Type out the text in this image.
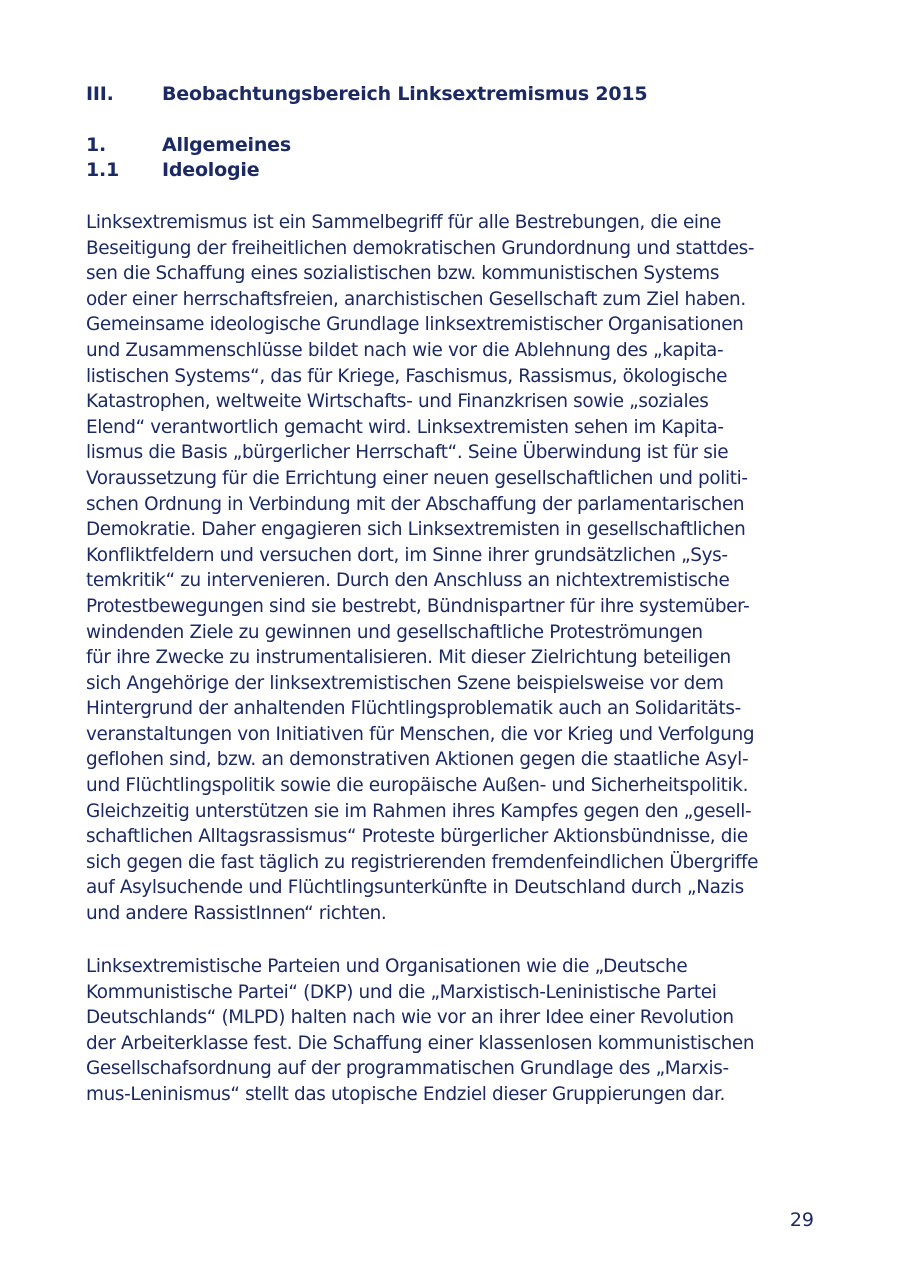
III.	Beobachtungsbereich Linksextremismus 2015
1.	Allgemeines
1.1	Ideologie

Linksextremismus ist ein Sammelbegriff für alle Bestrebungen, die eine
Beseitigung der freiheitlichen demokratischen Grundordnung und stattdes-
sen die Schaffung eines sozialistischen bzw. kommunistischen Systems
oder einer herrschaftsfreien, anarchistischen Gesellschaft zum Ziel haben.
Gemeinsame ideologische Grundlage linksextremistischer Organisationen
und Zusammenschlüsse bildet nach wie vor die Ablehnung des „kapita-
listischen Systems“, das für Kriege, Faschismus, Rassismus, ökologische
Katastrophen, weltweite Wirtschafts- und Finanzkrisen sowie „soziales
Elend“ verantwortlich gemacht wird. Linksextremisten sehen im Kapita-
lismus die Basis „bürgerlicher Herrschaft“. Seine Überwindung ist für sie
Voraussetzung für die Errichtung einer neuen gesellschaftlichen und politi-
schen Ordnung in Verbindung mit der Abschaffung der parlamentarischen
Demokratie. Daher engagieren sich Linksextremisten in gesellschaftlichen
Konfliktfeldern und versuchen dort, im Sinne ihrer grundsätzlichen „Sys-
temkritik“ zu intervenieren. Durch den Anschluss an nichtextremistische
Protestbewegungen sind sie bestrebt, Bündnispartner für ihre systemüber-
windenden Ziele zu gewinnen und gesellschaftliche Proteströmungen
für ihre Zwecke zu instrumentalisieren. Mit dieser Zielrichtung beteiligen
sich Angehörige der linksextremistischen Szene beispielsweise vor dem
Hintergrund der anhaltenden Flüchtlingsproblematik auch an Solidaritäts-
veranstaltungen von Initiativen für Menschen, die vor Krieg und Verfolgung
geflohen sind, bzw. an demonstrativen Aktionen gegen die staatliche Asyl-
und Flüchtlingspolitik sowie die europäische Außen- und Sicherheitspolitik.
Gleichzeitig unterstützen sie im Rahmen ihres Kampfes gegen den „gesell-
schaftlichen Alltagsrassismus“ Proteste bürgerlicher Aktionsbündnisse, die
sich gegen die fast täglich zu registrierenden fremdenfeindlichen Übergriffe
auf Asylsuchende und Flüchtlingsunterkünfte in Deutschland durch „Nazis
und andere RassistInnen“ richten.

Linksextremistische Parteien und Organisationen wie die „Deutsche
Kommunistische Partei“ (DKP) und die „Marxistisch-Leninistische Partei
Deutschlands“ (MLPD) halten nach wie vor an ihrer Idee einer Revolution
der Arbeiterklasse fest. Die Schaffung einer klassenlosen kommunistischen
Gesellschafsordnung auf der programmatischen Grundlage des „Marxis-
mus-Leninismus“ stellt das utopische Endziel dieser Gruppierungen dar.

29
